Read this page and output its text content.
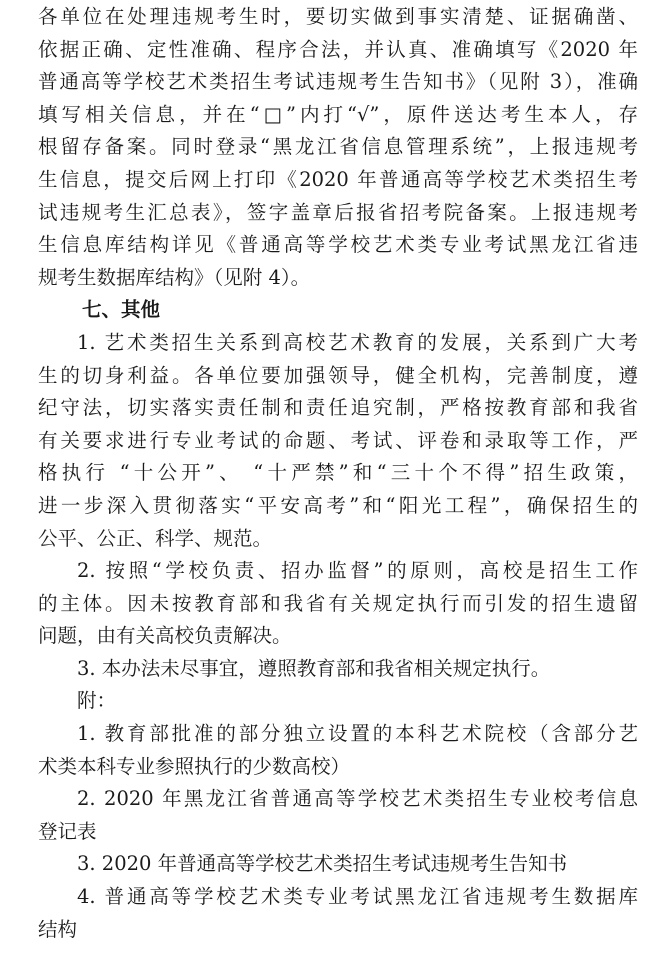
各单位在处理违规考生时，要切实做到事实清楚、证据确凿、

依据正确、定性准确、程序合法，并认真、准确填写《2020 年

普通高等学校艺术类招生考试违规考生告知书》（见附 3），准确

填写相关信息，并在“□”内打“√”，原件送达考生本人，存

根留存备案。同时登录“黑龙江省信息管理系统”，上报违规考

生信息，提交后网上打印《2020 年普通高等学校艺术类招生考

试违规考生汇总表》，签字盖章后报省招考院备案。上报违规考

生信息库结构详见《普通高等学校艺术类专业考试黑龙江省违

规考生数据库结构》（见附 4）。

七、其他

1. 艺术类招生关系到高校艺术教育的发展，关系到广大考

生的切身利益。各单位要加强领导，健全机构，完善制度，遵

纪守法，切实落实责任制和责任追究制，严格按教育部和我省

有关要求进行专业考试的命题、考试、评卷和录取等工作，严

格执行 “十公开”、 “十严禁”和“三十个不得”招生政策，

进一步深入贯彻落实“平安高考”和“阳光工程”，确保招生的

公平、公正、科学、规范。

2. 按照“学校负责、招办监督”的原则，高校是招生工作

的主体。因未按教育部和我省有关规定执行而引发的招生遗留

问题，由有关高校负责解决。

3. 本办法未尽事宜，遵照教育部和我省相关规定执行。

附：

1. 教育部批准的部分独立设置的本科艺术院校（含部分艺

术类本科专业参照执行的少数高校）

2. 2020 年黑龙江省普通高等学校艺术类招生专业校考信息

登记表

3. 2020 年普通高等学校艺术类招生考试违规考生告知书

4. 普通高等学校艺术类专业考试黑龙江省违规考生数据库

结构
